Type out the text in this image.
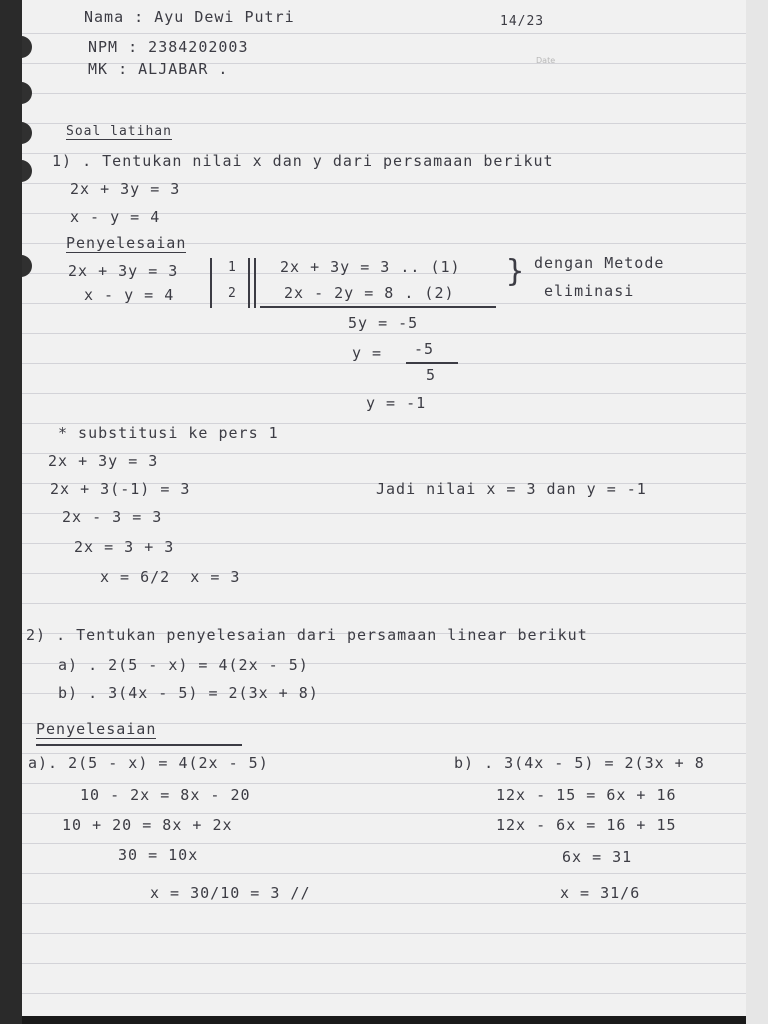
Nama : Ayu Dewi Putri
NPM : 2384202003
MK : ALJABAR .
14/23
Date
Soal latihan
1) . Tentukan nilai x dan y dari persamaan berikut
2x + 3y = 3
x - y = 4
Penyelesaian
2x + 3y = 3
x - y = 4
1
2
2x + 3y = 3 .. (1)
2x - 2y = 8 . (2)
} dengan Metode
eliminasi
5y = -5
y = -5
5
y = -1
* substitusi ke pers 1
2x + 3y = 3
2x + 3(-1) = 3
2x - 3 = 3
2x = 3 + 3
x = 6/2  x = 3
Jadi nilai x = 3 dan y = -1
2) . Tentukan penyelesaian dari persamaan linear berikut
a) . 2(5 - x) = 4(2x - 5)
b) . 3(4x - 5) = 2(3x + 8)
Penyelesaian
a). 2(5 - x) = 4(2x - 5)
10 - 2x = 8x - 20
10 + 20 = 8x + 2x
30 = 10x
x = 30/10 = 3 //
b) . 3(4x - 5) = 2(3x + 8
12x - 15 = 6x + 16
12x - 6x = 16 + 15
6x = 31
x = 31/6
